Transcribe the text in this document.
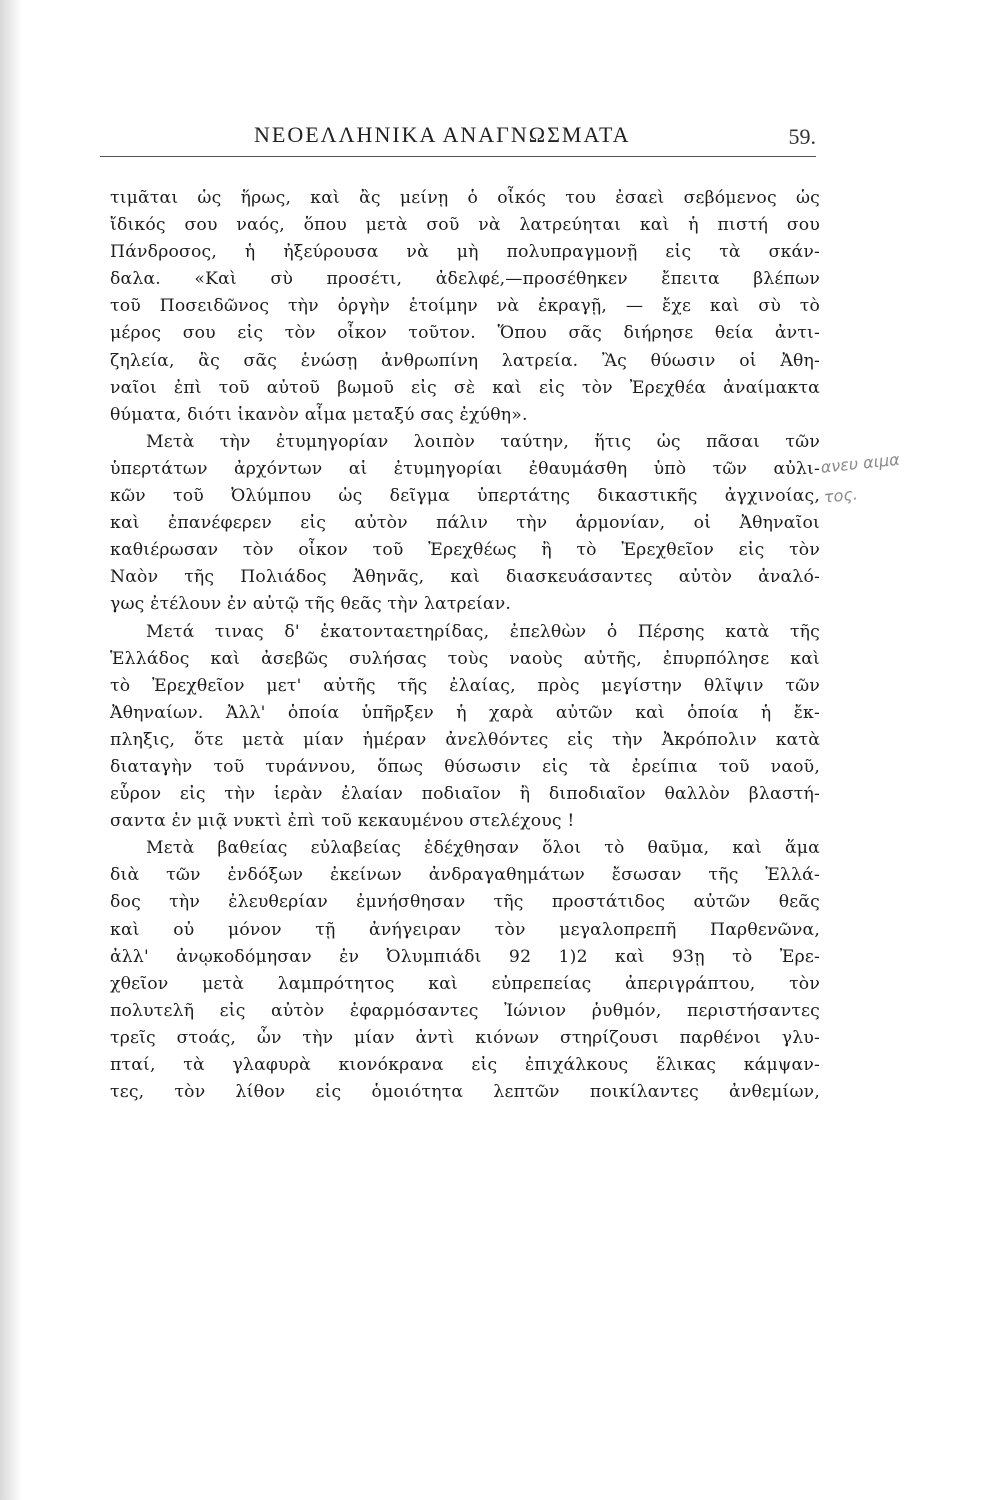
ΝΕΟΕΛΛΗΝΙΚΑ ΑΝΑΓΝΩΣΜΑΤΑ	59.
τιμᾶται ὡς ἥρως, καὶ ἂς μείνῃ ὁ οἶκός του ἐσαεὶ σεβόμενος ὡς
ἴδικός σου ναός, ὅπου μετὰ σοῦ νὰ λατρεύηται καὶ ἡ πιστή σου
Πάνδροσος, ἡ ἠξεύρουσα νὰ μὴ πολυπραγμονῇ εἰς τὰ σκάν-
δαλα. «Καὶ σὺ προσέτι, ἀδελφέ,—προσέθηκεν ἔπειτα βλέπων
τοῦ Ποσειδῶνος τὴν ὀργὴν ἑτοίμην νὰ ἐκραγῇ, — ἔχε καὶ σὺ τὸ
μέρος σου εἰς τὸν οἶκον τοῦτον. Ὅπου σᾶς διήρησε θεία ἀντι-
ζηλεία, ἂς σᾶς ἑνώσῃ ἀνθρωπίνη λατρεία. Ἂς θύωσιν οἱ Ἀθη-
ναῖοι ἐπὶ τοῦ αὐτοῦ βωμοῦ εἰς σὲ καὶ εἰς τὸν Ἐρεχθέα ἀναίμακτα
θύματα, διότι ἱκανὸν αἷμα μεταξύ σας ἐχύθη».
Μετὰ τὴν ἐτυμηγορίαν λοιπὸν ταύτην, ἥτις ὡς πᾶσαι τῶν
ὑπερτάτων ἀρχόντων αἱ ἐτυμηγορίαι ἐθαυμάσθη ὑπὸ τῶν αὐλι-
κῶν τοῦ Ὀλύμπου ὡς δεῖγμα ὑπερτάτης δικαστικῆς ἀγχινοίας,
καὶ ἐπανέφερεν εἰς αὐτὸν πάλιν τὴν ἁρμονίαν, οἱ Ἀθηναῖοι
καθιέρωσαν τὸν οἶκον τοῦ Ἐρεχθέως ἢ τὸ Ἐρεχθεῖον εἰς τὸν
Ναὸν τῆς Πολιάδος Ἀθηνᾶς, καὶ διασκευάσαντες αὐτὸν ἀναλό-
γως ἐτέλουν ἐν αὐτῷ τῆς θεᾶς τὴν λατρείαν.
Μετά τινας δ' ἑκατονταετηρίδας, ἐπελθὼν ὁ Πέρσης κατὰ τῆς
Ἑλλάδος καὶ ἀσεβῶς συλήσας τοὺς ναοὺς αὐτῆς, ἐπυρπόλησε καὶ
τὸ Ἐρεχθεῖον μετ' αὐτῆς τῆς ἐλαίας, πρὸς μεγίστην θλῖψιν τῶν
Ἀθηναίων. Ἀλλ' ὁποία ὑπῆρξεν ἡ χαρὰ αὐτῶν καὶ ὁποία ἡ ἔκ-
πληξις, ὅτε μετὰ μίαν ἡμέραν ἀνελθόντες εἰς τὴν Ἀκρόπολιν κατὰ
διαταγὴν τοῦ τυράννου, ὅπως θύσωσιν εἰς τὰ ἐρείπια τοῦ ναοῦ,
εὗρον εἰς τὴν ἱερὰν ἐλαίαν ποδιαῖον ἢ διποδιαῖον θαλλὸν βλαστή-
σαντα ἐν μιᾷ νυκτὶ ἐπὶ τοῦ κεκαυμένου στελέχους !
Μετὰ βαθείας εὐλαβείας ἐδέχθησαν ὅλοι τὸ θαῦμα, καὶ ἅμα
διὰ τῶν ἐνδόξων ἐκείνων ἀνδραγαθημάτων ἔσωσαν τῆς Ἑλλά-
δος τὴν ἐλευθερίαν ἐμνήσθησαν τῆς προστάτιδος αὐτῶν θεᾶς
καὶ οὐ μόνον τῇ ἀνήγειραν τὸν μεγαλοπρεπῆ Παρθενῶνα,
ἀλλ' ἀνῳκοδόμησαν ἐν Ὀλυμπιάδι 92 1)2 καὶ 93ῃ τὸ Ἐρε-
χθεῖον μετὰ λαμπρότητος καὶ εὐπρεπείας ἀπεριγράπτου, τὸν
πολυτελῆ εἰς αὐτὸν ἐφαρμόσαντες Ἰώνιον ῥυθμόν, περιστήσαντες
τρεῖς στοάς, ὧν τὴν μίαν ἀντὶ κιόνων στηρίζουσι παρθένοι γλυ-
πταί, τὰ γλαφυρὰ κιονόκρανα εἰς ἐπιχάλκους ἕλικας κάμψαν-
τες, τὸν λίθον εἰς ὁμοιότητα λεπτῶν ποικίλαντες ἀνθεμίων,
ανευ αιμα
τος.
